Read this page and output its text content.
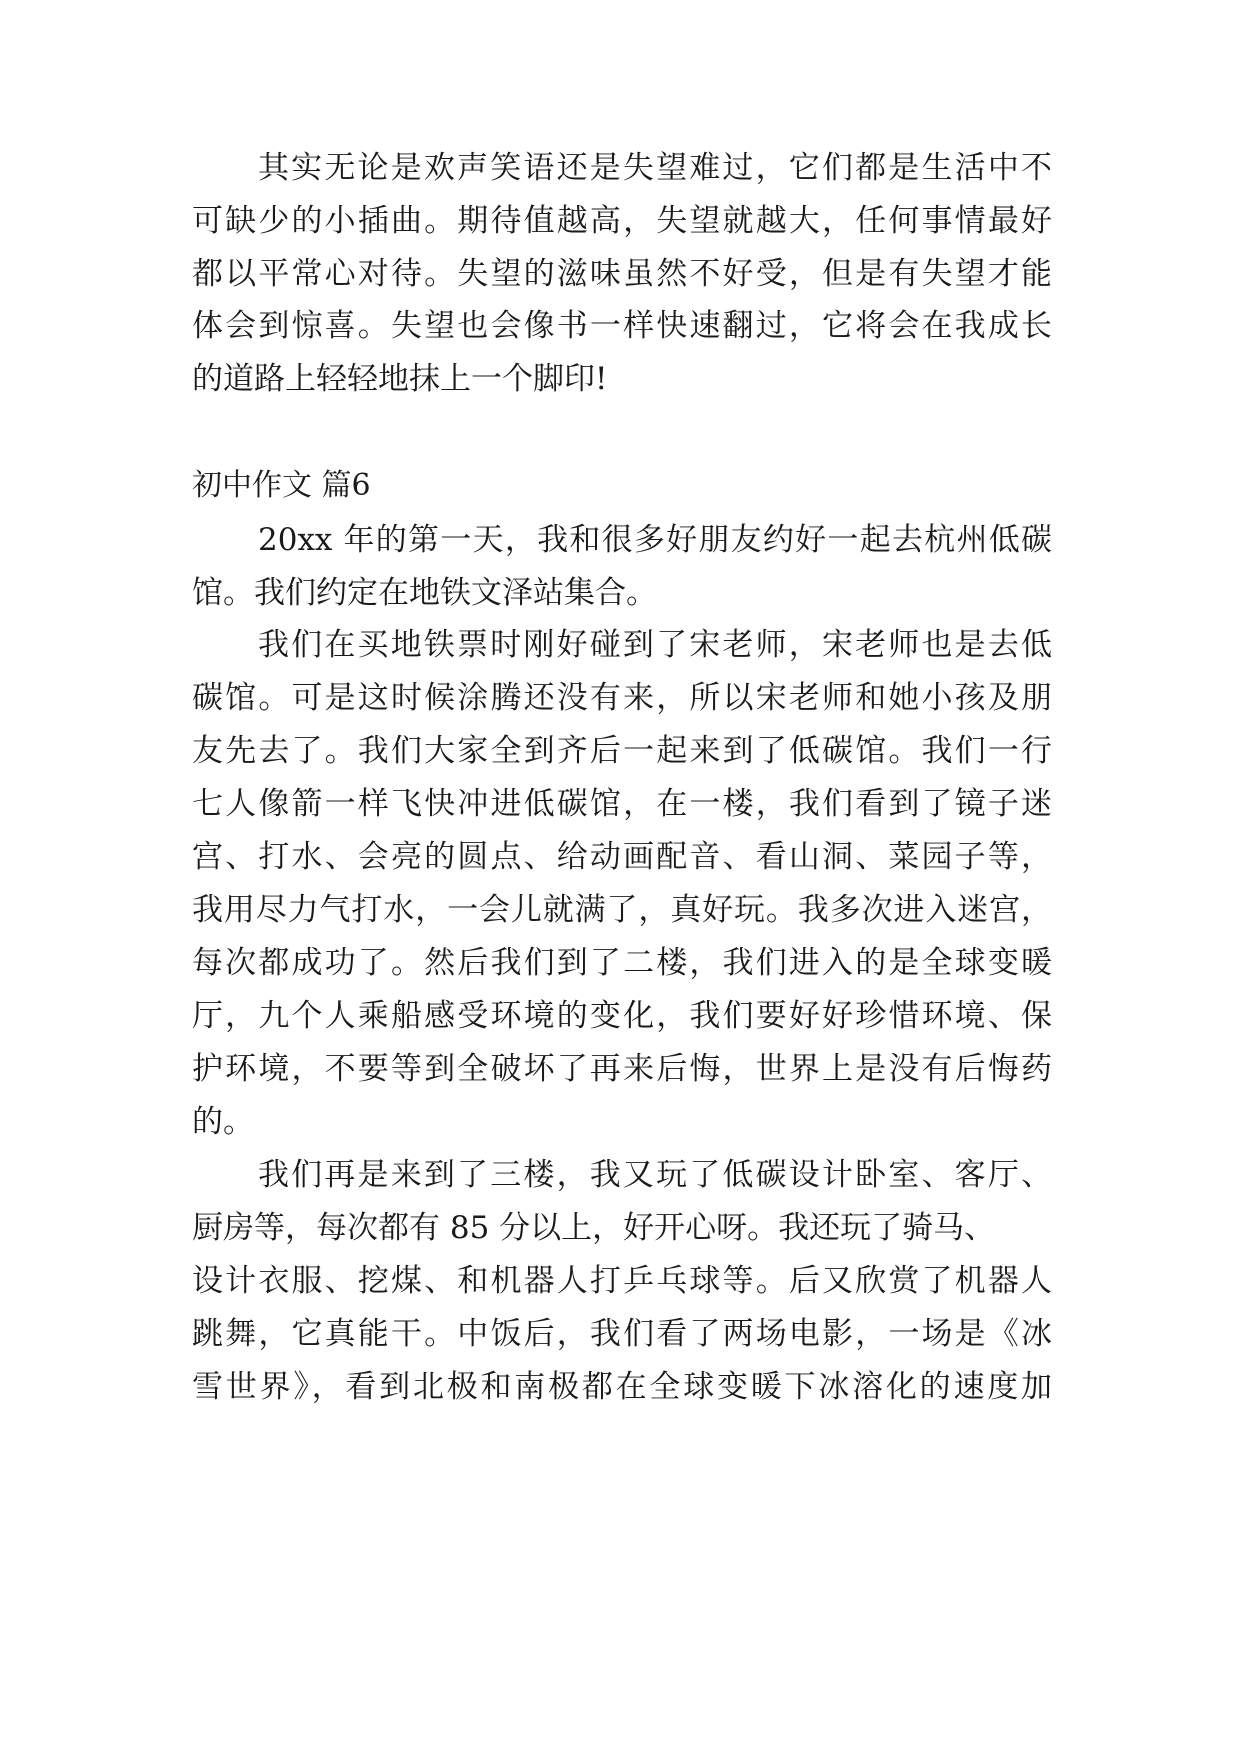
其实无论是欢声笑语还是失望难过，它们都是生活中不
可缺少的小插曲。期待值越高，失望就越大，任何事情最好
都以平常心对待。失望的滋味虽然不好受，但是有失望才能
体会到惊喜。失望也会像书一样快速翻过，它将会在我成长
的道路上轻轻地抹上一个脚印!
初中作文 篇6
20xx 年的第一天，我和很多好朋友约好一起去杭州低碳
馆。我们约定在地铁文泽站集合。
我们在买地铁票时刚好碰到了宋老师，宋老师也是去低
碳馆。可是这时候涂腾还没有来，所以宋老师和她小孩及朋
友先去了。我们大家全到齐后一起来到了低碳馆。我们一行
七人像箭一样飞快冲进低碳馆，在一楼，我们看到了镜子迷
宫、打水、会亮的圆点、给动画配音、看山洞、菜园子等，
我用尽力气打水，一会儿就满了，真好玩。我多次进入迷宫，
每次都成功了。然后我们到了二楼，我们进入的是全球变暖
厅，九个人乘船感受环境的变化，我们要好好珍惜环境、保
护环境，不要等到全破坏了再来后悔，世界上是没有后悔药
的。
我们再是来到了三楼，我又玩了低碳设计卧室、客厅、
厨房等，每次都有 85 分以上，好开心呀。我还玩了骑马、
设计衣服、挖煤、和机器人打乒乓球等。后又欣赏了机器人
跳舞，它真能干。中饭后，我们看了两场电影，一场是《冰
雪世界》，看到北极和南极都在全球变暖下冰溶化的速度加
